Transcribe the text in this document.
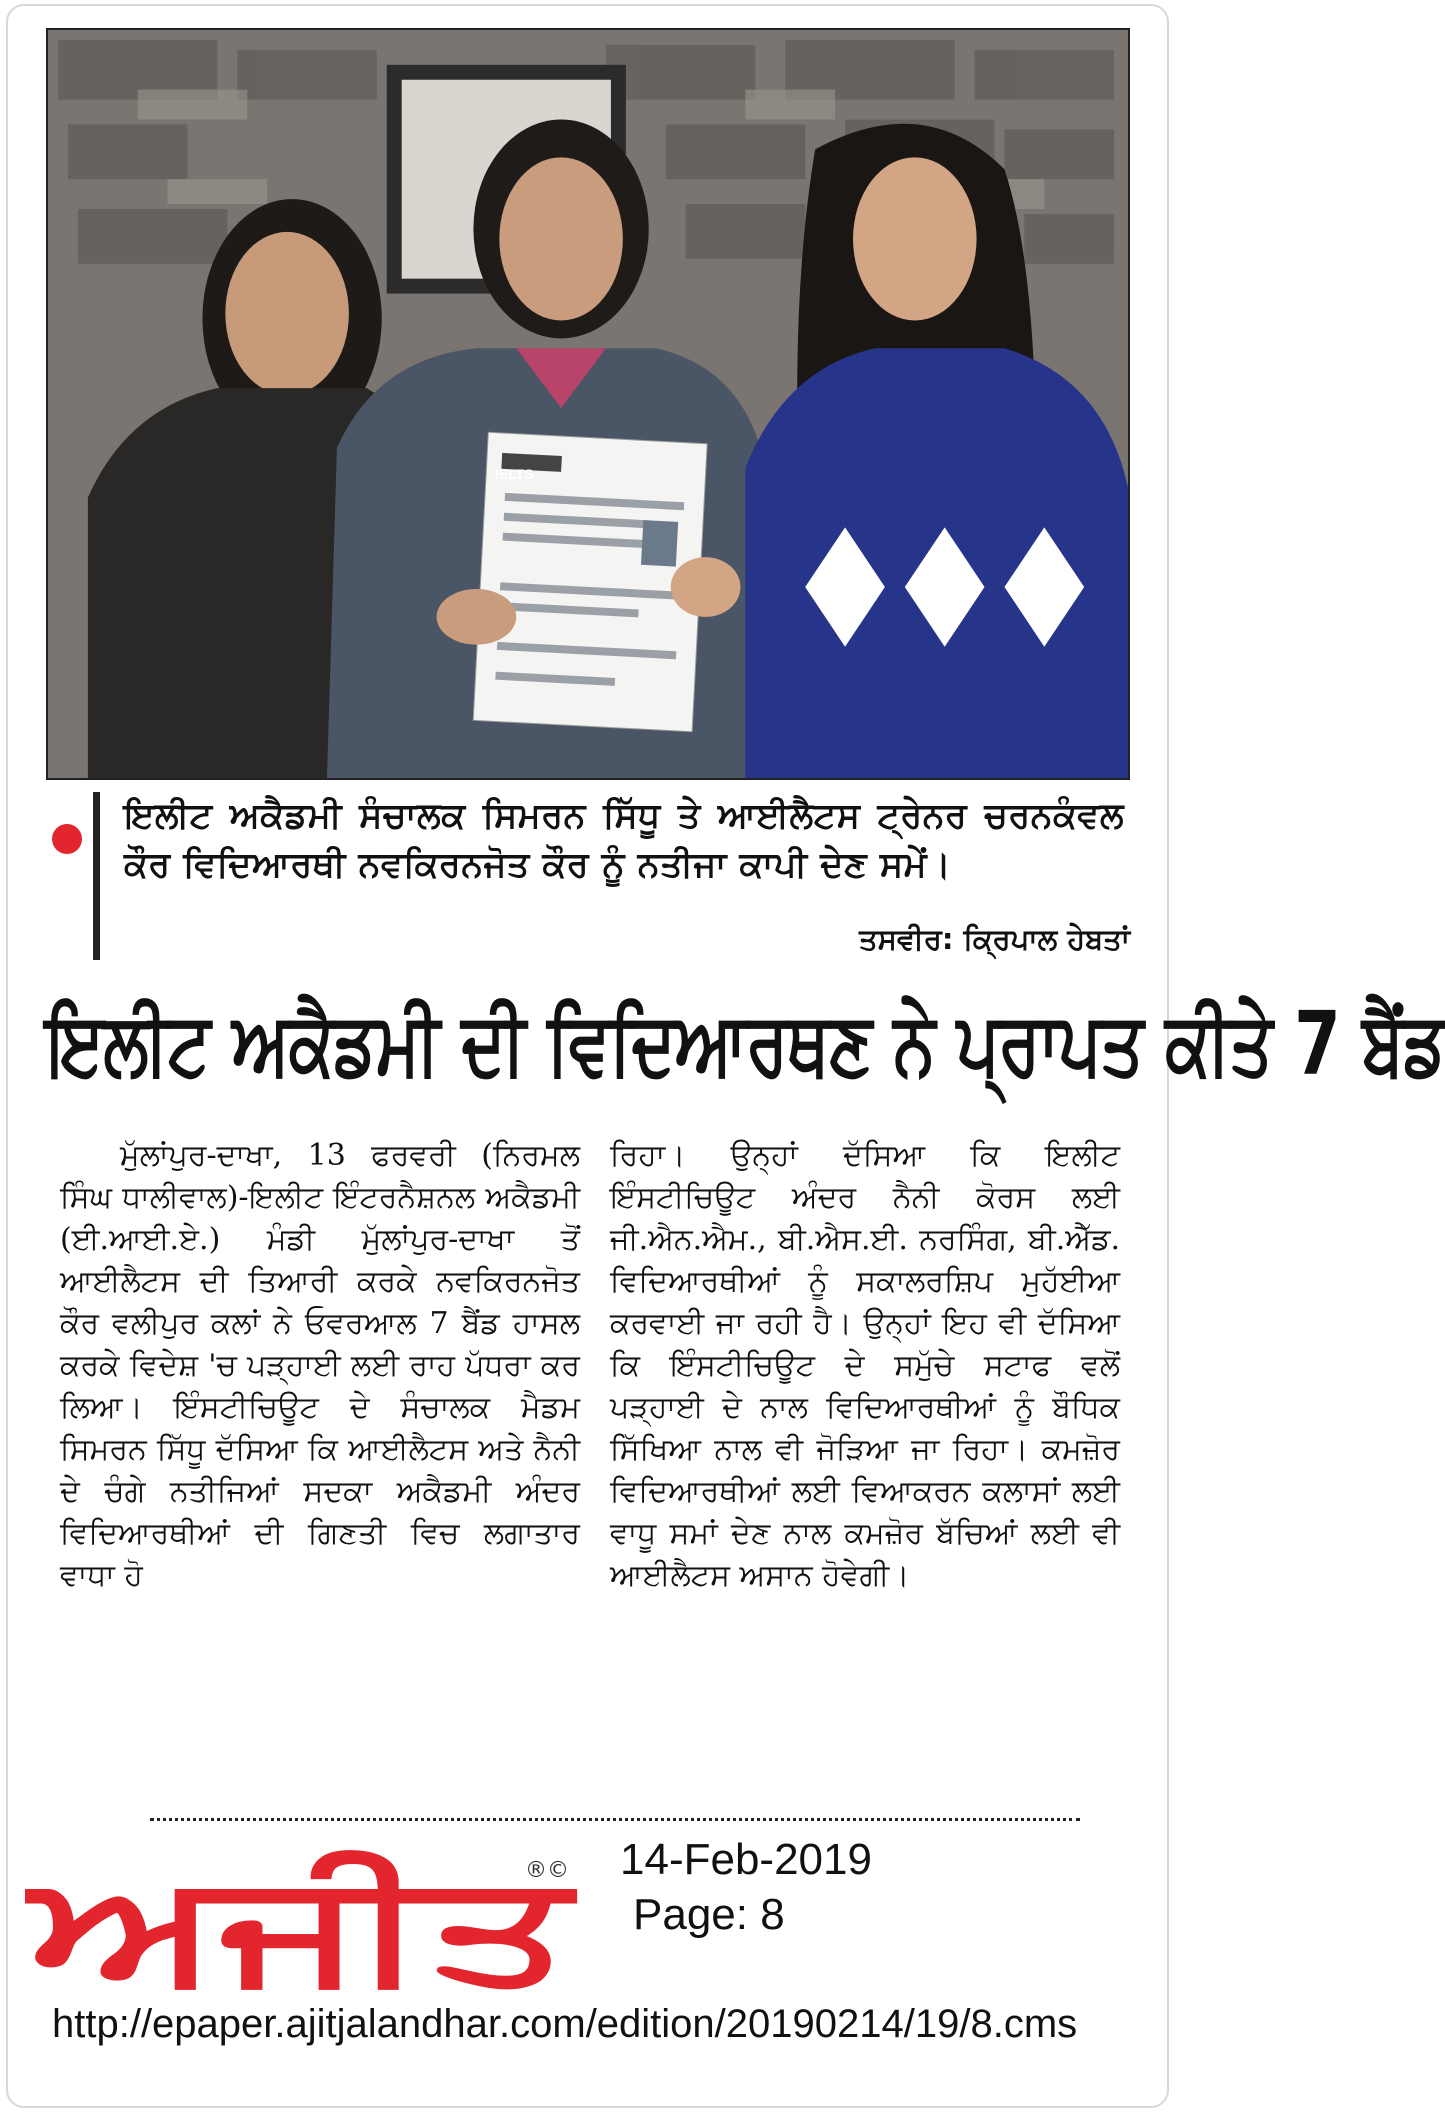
IELTS
ਇਲੀਟ ਅਕੈਡਮੀ ਸੰਚਾਲਕ ਸਿਮਰਨ ਸਿੱਧੂ ਤੇ ਆਈਲੈਟਸ ਟ੍ਰੇਨਰ ਚਰਨਕੰਵਲ ਕੌਰ ਵਿਦਿਆਰਥੀ ਨਵਕਿਰਨਜੋਤ ਕੌਰ ਨੂੰ ਨਤੀਜਾ ਕਾਪੀ ਦੇਣ ਸਮੇਂ।
ਤਸਵੀਰ: ਕ੍ਰਿਪਾਲ ਹੇਬਤਾਂ
ਇਲੀਟ ਅਕੈਡਮੀ ਦੀ ਵਿਦਿਆਰਥਣ ਨੇ ਪ੍ਰਾਪਤ ਕੀਤੇ 7 ਬੈਂਡ
ਮੁੱਲਾਂਪੁਰ-ਦਾਖਾ, 13 ਫਰਵਰੀ (ਨਿਰਮਲ ਸਿੰਘ ਧਾਲੀਵਾਲ)-ਇਲੀਟ ਇੰਟਰਨੈਸ਼ਨਲ ਅਕੈਡਮੀ (ਈ.ਆਈ.ਏ.) ਮੰਡੀ ਮੁੱਲਾਂਪੁਰ-ਦਾਖਾ ਤੋਂ ਆਈਲੈਟਸ ਦੀ ਤਿਆਰੀ ਕਰਕੇ ਨਵਕਿਰਨਜੋਤ ਕੌਰ ਵਲੀਪੁਰ ਕਲਾਂ ਨੇ ਓਵਰਆਲ 7 ਬੈਂਡ ਹਾਸਲ ਕਰਕੇ ਵਿਦੇਸ਼ 'ਚ ਪੜ੍ਹਾਈ ਲਈ ਰਾਹ ਪੱਧਰਾ ਕਰ ਲਿਆ। ਇੰਸਟੀਚਿਊਟ ਦੇ ਸੰਚਾਲਕ ਮੈਡਮ ਸਿਮਰਨ ਸਿੱਧੂ ਦੱਸਿਆ ਕਿ ਆਈਲੈਟਸ ਅਤੇ ਨੈਨੀ ਦੇ ਚੰਗੇ ਨਤੀਜਿਆਂ ਸਦਕਾ ਅਕੈਡਮੀ ਅੰਦਰ ਵਿਦਿਆਰਥੀਆਂ ਦੀ ਗਿਣਤੀ ਵਿਚ ਲਗਾਤਾਰ ਵਾਧਾ ਹੋ
ਰਿਹਾ। ਉਨ੍ਹਾਂ ਦੱਸਿਆ ਕਿ ਇਲੀਟ ਇੰਸਟੀਚਿਊਟ ਅੰਦਰ ਨੈਨੀ ਕੋਰਸ ਲਈ ਜੀ.ਐਨ.ਐਮ., ਬੀ.ਐਸ.ਈ. ਨਰਸਿੰਗ, ਬੀ.ਐੱਡ. ਵਿਦਿਆਰਥੀਆਂ ਨੂੰ ਸਕਾਲਰਸ਼ਿਪ ਮੁਹੱਈਆ ਕਰਵਾਈ ਜਾ ਰਹੀ ਹੈ। ਉਨ੍ਹਾਂ ਇਹ ਵੀ ਦੱਸਿਆ ਕਿ ਇੰਸਟੀਚਿਊਟ ਦੇ ਸਮੁੱਚੇ ਸਟਾਫ ਵਲੋਂ ਪੜ੍ਹਾਈ ਦੇ ਨਾਲ ਵਿਦਿਆਰਥੀਆਂ ਨੂੰ ਬੌਧਿਕ ਸਿੱਖਿਆ ਨਾਲ ਵੀ ਜੋੜਿਆ ਜਾ ਰਿਹਾ। ਕਮਜ਼ੋਰ ਵਿਦਿਆਰਥੀਆਂ ਲਈ ਵਿਆਕਰਨ ਕਲਾਸਾਂ ਲਈ ਵਾਧੂ ਸਮਾਂ ਦੇਣ ਨਾਲ ਕਮਜ਼ੋਰ ਬੱਚਿਆਂ ਲਈ ਵੀ ਆਈਲੈਟਸ ਅਸਾਨ ਹੋਵੇਗੀ।
ਅਜੀਤ
®© 14-Feb-2019
Page: 8
http://epaper.ajitjalandhar.com/edition/20190214/19/8.cms
